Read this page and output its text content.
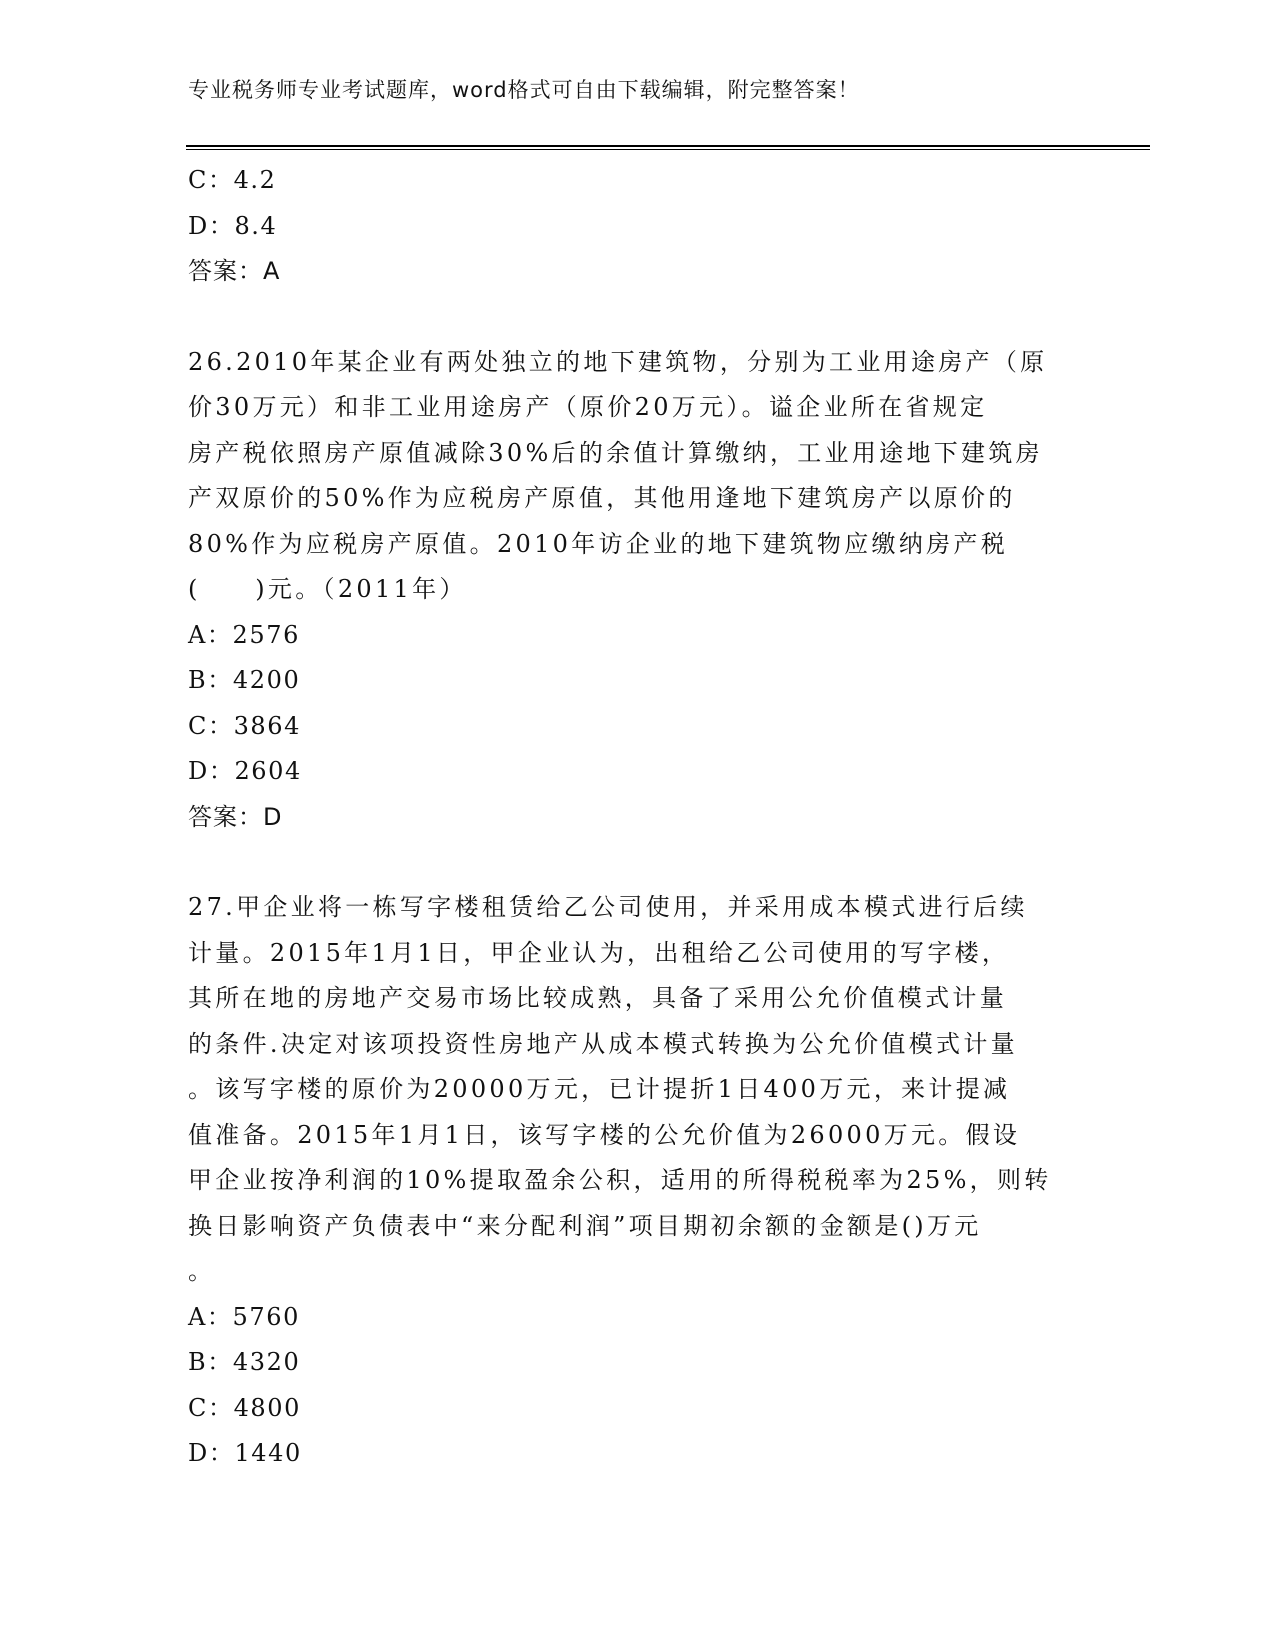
专业税务师专业考试题库，word格式可自由下载编辑，附完整答案！
C：4.2
D：8.4
答案：A
26.2010年某企业有两处独立的地下建筑物，分别为工业用途房产（原
价30万元）和非工业用途房产（原价20万元）。谥企业所在省规定
房产税依照房产原值减除30%后的余值计算缴纳，工业用途地下建筑房
产双原价的50%作为应税房产原值，其他用逢地下建筑房产以原价的
80%作为应税房产原值。2010年访企业的地下建筑物应缴纳房产税
(　　)元。（2011年）
A：2576
B：4200
C：3864
D：2604
答案：D
27.甲企业将一栋写字楼租赁给乙公司使用，并采用成本模式进行后续
计量。2015年1月1日，甲企业认为，出租给乙公司使用的写字楼，
其所在地的房地产交易市场比较成熟，具备了采用公允价值模式计量
的条件.决定对该项投资性房地产从成本模式转换为公允价值模式计量
。该写字楼的原价为20000万元，已计提折1日400万元，来计提减
值准备。2015年1月1日，该写字楼的公允价值为26000万元。假设
甲企业按净利润的10%提取盈余公积，适用的所得税税率为25%，则转
换日影响资产负债表中“来分配利润”项目期初余额的金额是()万元
。
A：5760
B：4320
C：4800
D：1440
